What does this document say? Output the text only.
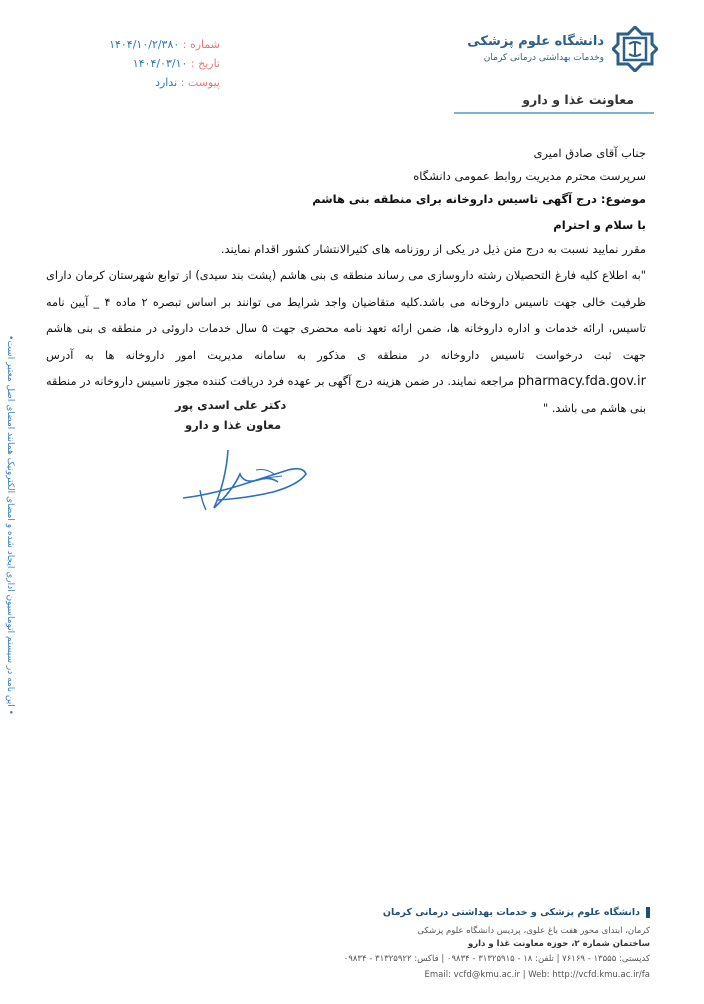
دانشگاه علوم پزشکی
وخدمات بهداشتی درمانی کرمان
معاونت غذا و دارو
شماره : ۱۴۰۴/۱۰/۲/۳۸۰
تاریخ : ۱۴۰۴/۰۳/۱۰
پیوست : ندارد
جناب آقای صادق امیری
سرپرست محترم مدیریت روابط عمومی دانشگاه
موضوع: درج آگهی تاسیس داروخانه برای منطقه بنی هاشم
با سلام و احترام
مقرر نمایید نسبت به درج متن ذیل در یکی از روزنامه های کثیرالانتشار کشور اقدام نمایند.
"به اطلاع کلیه فارغ التحصیلان رشته داروسازی می رساند منطقه ی بنی هاشم (پشت بند سیدی) از توابع شهرستان کرمان دارای ظرفیت خالی جهت تاسیس داروخانه می باشد.کلیه متقاضیان واجد شرایط می توانند بر اساس تبصره ۲ ماده ۴ _ آیین نامه تاسیس، ارائه خدمات و اداره داروخانه ها، ضمن ارائه تعهد نامه محضری جهت ۵ سال خدمات داروئی در منطقه ی بنی هاشم جهت ثبت درخواست تاسیس داروخانه در منطقه ی مذکور به سامانه مدیریت امور داروخانه ها به آدرس pharmacy.fda.gov.ir مراجعه نمایند. در ضمن هزینه درج آگهی بر عهده فرد دریافت کننده مجوز تاسیس داروخانه در منطقه بنی هاشم می باشد. "
دکتر علی اسدی پور
معاون غذا و دارو
•این نامه در سیستم اتوماسیون اداری ایجاد شده و امضای الکترونیک همانند امضای اصل معتبر است •
دانشگاه علوم پزشکی و خدمات بهداشتی درمانی کرمان
کرمان، ابتدای محور هفت باغ علوی، پردیس دانشگاه علوم پزشکی
ساختمان شماره ۲، حوزه معاونت غذا و دارو
کدپستی: ۱۳۵۵۵ - ۷۶۱۶۹ | تلفن: ۱۸ - ۳۱۳۲۵۹۱۵ - ۰۹۸۳۴ | فاکس: ۳۱۳۲۵۹۲۲ - ۰۹۸۳۴
Email: vcfd@kmu.ac.ir | Web: http://vcfd.kmu.ac.ir/fa
